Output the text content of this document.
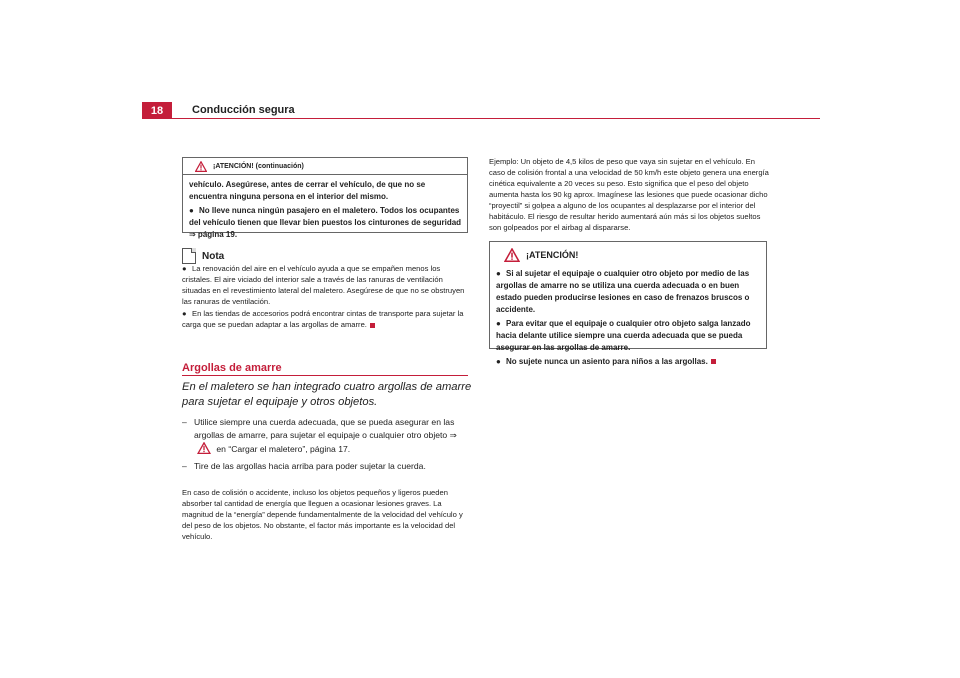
18	Conducción segura
¡ATENCIÓN! (continuación)

vehículo. Asegúrese, antes de cerrar el vehículo, de que no se encuentra ninguna persona en el interior del mismo.

● No lleve nunca ningún pasajero en el maletero. Todos los ocupantes del vehículo tienen que llevar bien puestos los cinturones de seguridad
⇒ página 19.

Nota

● La renovación del aire en el vehículo ayuda a que se empañen menos los cristales. El aire viciado del interior sale a través de las ranuras de ventilación situadas en el revestimiento lateral del maletero. Asegúrese de que no se obstruyen las ranuras de ventilación.

● En las tiendas de accesorios podrá encontrar cintas de transporte para sujetar la carga que se puedan adaptar a las argollas de amarre.

Argollas de amarre
En el maletero se han integrado cuatro argollas de amarre para sujetar el equipaje y otros objetos.
– Utilice siempre una cuerda adecuada, que se pueda asegurar en las argollas de amarre, para sujetar el equipaje o cualquier otro objeto ⇒  en “Cargar el maletero”, página 17.
– Tire de las argollas hacia arriba para poder sujetar la cuerda.
En caso de colisión o accidente, incluso los objetos pequeños y ligeros pueden absorber tal cantidad de energía que lleguen a ocasionar lesiones graves. La magnitud de la “energía” depende fundamentalmente de la velocidad del vehículo y del peso de los objetos. No obstante, el factor más importante es la velocidad del vehículo.
Ejemplo: Un objeto de 4,5 kilos de peso que vaya sin sujetar en el vehículo. En caso de colisión frontal a una velocidad de 50 km/h este objeto genera una energía cinética equivalente a 20 veces su peso. Esto significa que el peso del objeto aumenta hasta los 90 kg aprox. Imagínese las lesiones que puede ocasionar dicho “proyectil” si golpea a alguno de los ocupantes al desplazarse por el interior del habitáculo. El riesgo de resultar herido aumentará aún más si los objetos sueltos son golpeados por el airbag al dispararse.
¡ATENCIÓN!

● Si al sujetar el equipaje o cualquier otro objeto por medio de las argollas de amarre no se utiliza una cuerda adecuada o en buen estado pueden producirse lesiones en caso de frenazos bruscos o accidente.

● Para evitar que el equipaje o cualquier otro objeto salga lanzado hacia delante utilice siempre una cuerda adecuada que se pueda asegurar en las argollas de amarre.

● No sujete nunca un asiento para niños a las argollas.
